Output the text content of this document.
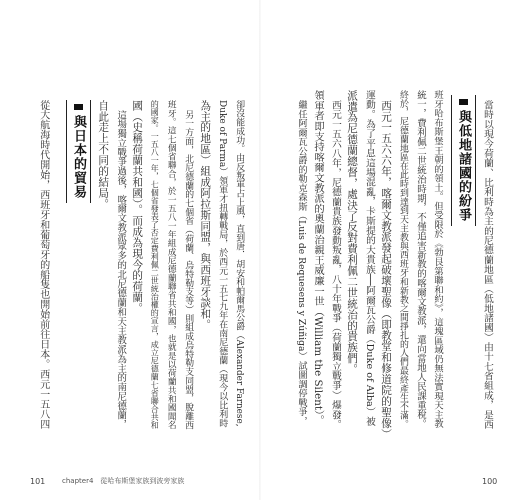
與低地諸國的紛爭	當時以現今荷蘭、比利時為主的尼德蘭地區（低地諸國）由十七省組成，是西
班牙哈布斯堡王朝的領土。但受限於《勃艮第聯和約》，這塊區域仍無法實現天主教
統一，費利佩二世統治時期，不僅追害新教的喀爾文教派，還向當地人民課重稅。
終於，尼德蘭地區在此時到達到天主教與西班牙和新教之間掙扎的人們最終產生不滿。
西元一五六六年，喀爾文教派發起破壞聖像（即教堂和修道院的聖像）
運動。為了平息這場混亂，卡斯提的大貴族──阿爾瓦公爵（Duke of Alba）被
派遣為尼德蘭總督，處決了反對費利佩二世統治的貴族們。
西元一五六八年，尼德蘭貴族發動叛亂，八十年戰爭（荷蘭獨立戰爭）爆發。
領軍者即支持喀爾文教派的奧蘭治親王威廉一世（William the Silent）。
繼任阿爾瓦公爵的勒克森斯（Luis de Requesens y Zúñiga）試圖調停戰爭，
100
卻沒能成功。由反叛軍占上風，直到唐．胡安和帕爾馬公爵（Alexander Farnese,
Duke of Parma）領軍才扭轉戰局，於西元一五七九年在南尼德蘭（現今以比利時
為主的地區）組成阿拉斯同盟，與西班牙談和。
另一方面，北尼德蘭的七個省（荷蘭、烏特勒支等）則組成烏特勒支同盟，脫離西
班牙。這七個省聯合，於一五八一年組成尼德蘭聯省共和國，也就是以荷蘭共和國聞名
的國家。一五八一年，七個省發表了否定費利佩二世統治權的宣言，成立尼德蘭七省聯合共和
國（史稱荷蘭共和國）。而成為現今的荷蘭。
這場獨立戰爭過後，喀爾文教派眾多的北尼德蘭和天主教派為主的南尼德蘭，
自此走上不同的結局。
與日本的貿易
從大航海時代開始，西班牙和葡萄牙的船隻也開始前往日本。西元一五八四
101 chapter4　從哈布斯堡家族到波旁家族
